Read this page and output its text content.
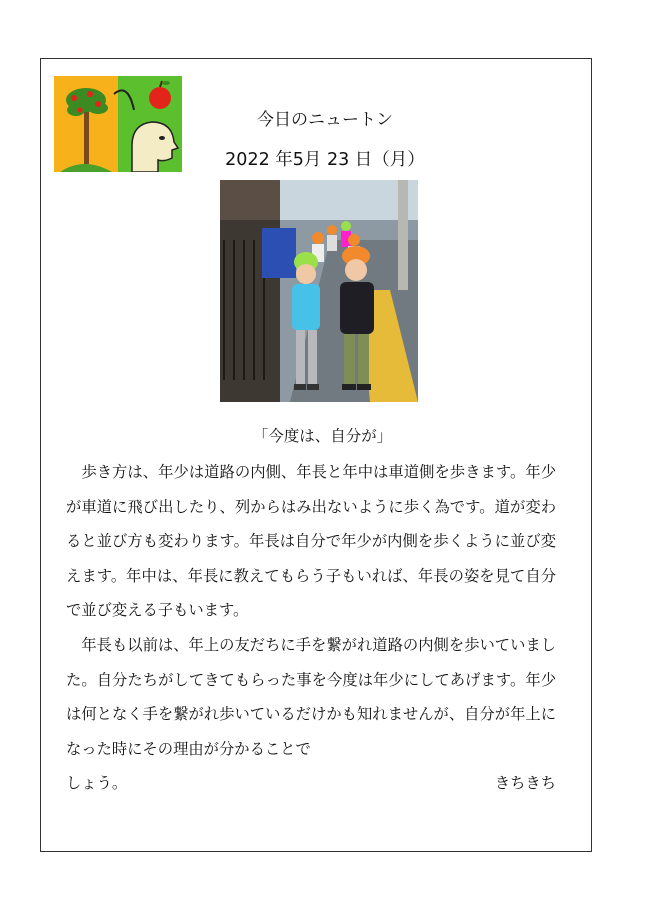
今日のニュートン
2022 年5月 23 日（月）
「今度は、自分が」

　歩き方は、年少は道路の内側、年長と年中は車道側を歩きます。年少が車道に飛び出したり、列からはみ出ないように歩く為です。道が変わると並び方も変わります。年長は自分で年少が内側を歩くように並び変えます。年中は、年長に教えてもらう子もいれば、年長の姿を見て自分で並び変える子もいます。

　年長も以前は、年上の友だちに手を繋がれ道路の内側を歩いていました。自分たちがしてきてもらった事を今度は年少にしてあげます。年少は何となく手を繋がれ歩いているだけかも知れませんが、自分が年上になった時にその理由が分かることで

しょう。	きちきち
